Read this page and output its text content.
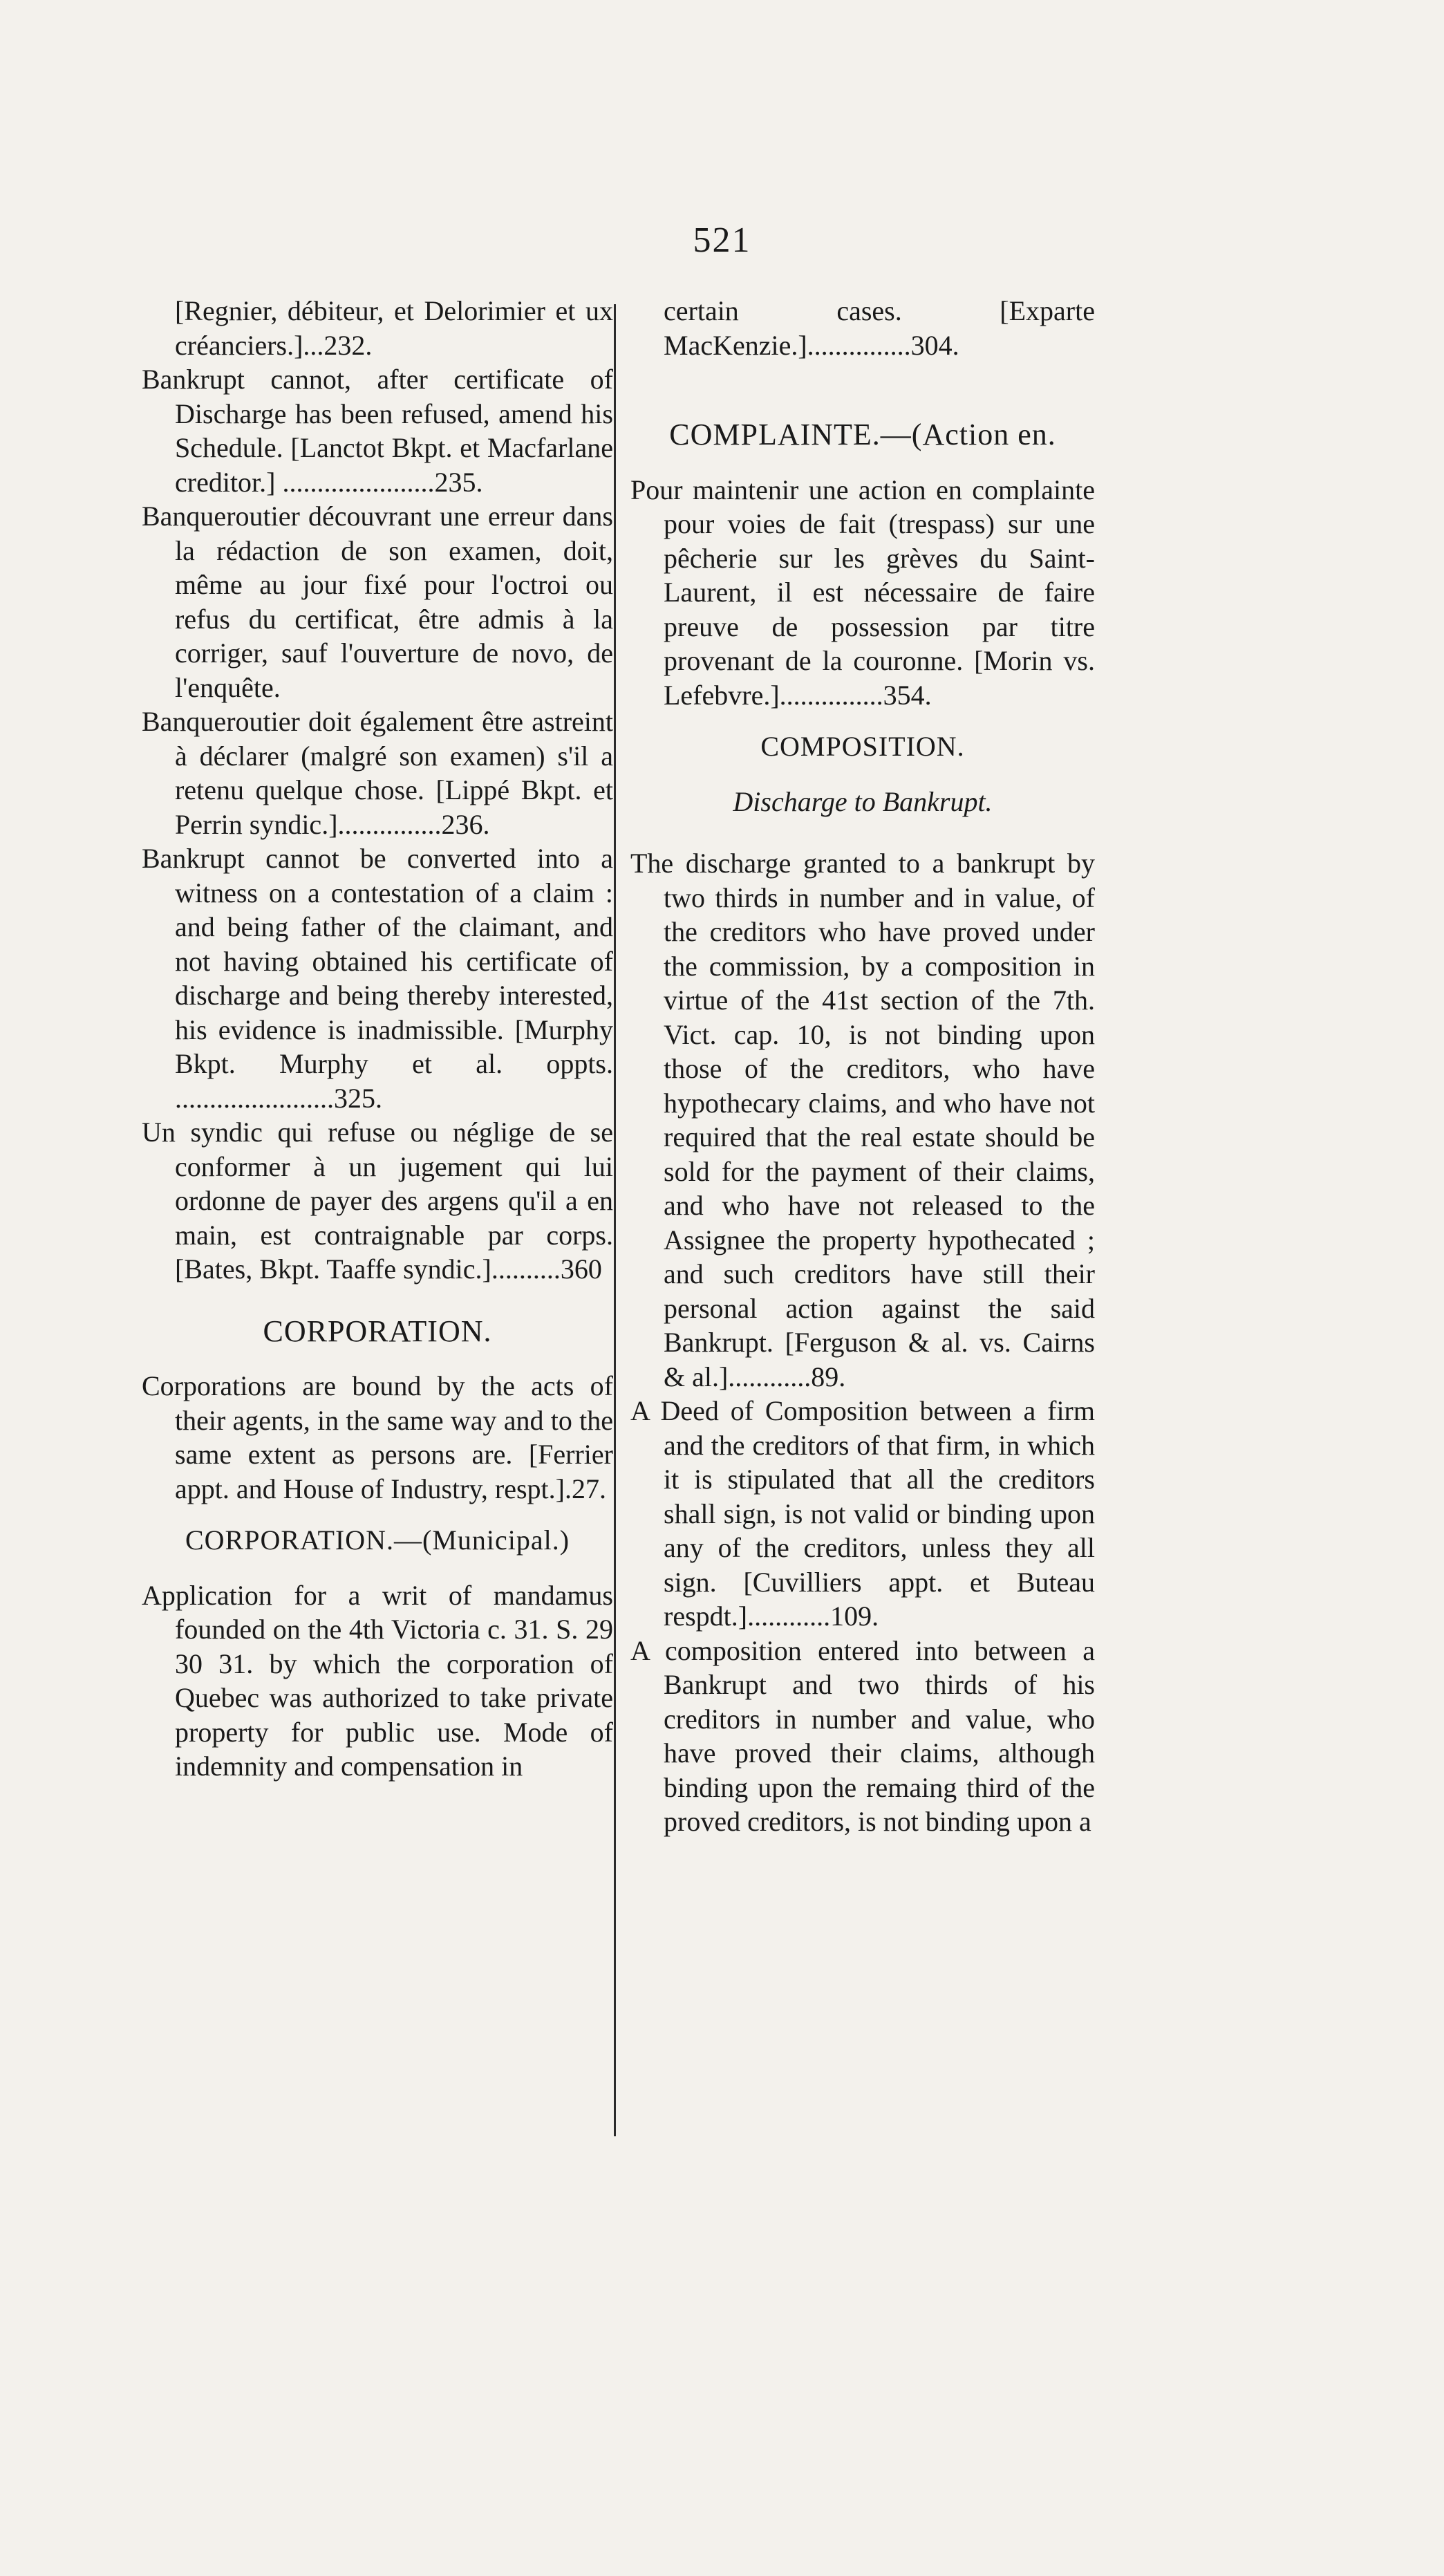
521

[Regnier, débiteur, et Delorimier et ux créanciers.]...232.

Bankrupt cannot, after certificate of Discharge has been refused, amend his Schedule. [Lanctot Bkpt. et Macfarlane creditor.] ......................235.

Banqueroutier découvrant une erreur dans la rédaction de son examen, doit, même au jour fixé pour l'octroi ou refus du certificat, être admis à la corriger, sauf l'ouverture de novo, de l'enquête.

Banqueroutier doit également être astreint à déclarer (malgré son examen) s'il a retenu quelque chose. [Lippé Bkpt. et Perrin syndic.]...............236.

Bankrupt cannot be converted into a witness on a contestation of a claim : and being father of the claimant, and not having obtained his certificate of discharge and being thereby interested, his evidence is inadmissible. [Murphy Bkpt. Murphy et al. oppts. .......................325.

Un syndic qui refuse ou néglige de se conformer à un jugement qui lui ordonne de payer des argens qu'il a en main, est contraignable par corps. [Bates, Bkpt. Taaffe syndic.]..........360

CORPORATION.

Corporations are bound by the acts of their agents, in the same way and to the same extent as persons are. [Ferrier appt. and House of Industry, respt.].27.

CORPORATION.—(Municipal.)

Application for a writ of mandamus founded on the 4th Victoria c. 31. S. 29 30 31. by which the corporation of Quebec was authorized to take private property for public use. Mode of indemnity and compensation in

certain cases. [Exparte MacKenzie.]...............304.

COMPLAINTE.—(Action en.

Pour maintenir une action en complainte pour voies de fait (trespass) sur une pêcherie sur les grèves du Saint-Laurent, il est nécessaire de faire preuve de possession par titre provenant de la couronne. [Morin vs. Lefebvre.]...............354.

COMPOSITION.
Discharge to Bankrupt.

The discharge granted to a bankrupt by two thirds in number and in value, of the creditors who have proved under the commission, by a composition in virtue of the 41st section of the 7th. Vict. cap. 10, is not binding upon those of the creditors, who have hypothecary claims, and who have not required that the real estate should be sold for the payment of their claims, and who have not released to the Assignee the property hypothecated ; and such creditors have still their personal action against the said Bankrupt. [Ferguson & al. vs. Cairns & al.]............89.

A Deed of Composition between a firm and the creditors of that firm, in which it is stipulated that all the creditors shall sign, is not valid or binding upon any of the creditors, unless they all sign. [Cuvilliers appt. et Buteau respdt.]............109.

A composition entered into between a Bankrupt and two thirds of his creditors in number and value, who have proved their claims, although binding upon the remaing third of the proved creditors, is not binding upon a
